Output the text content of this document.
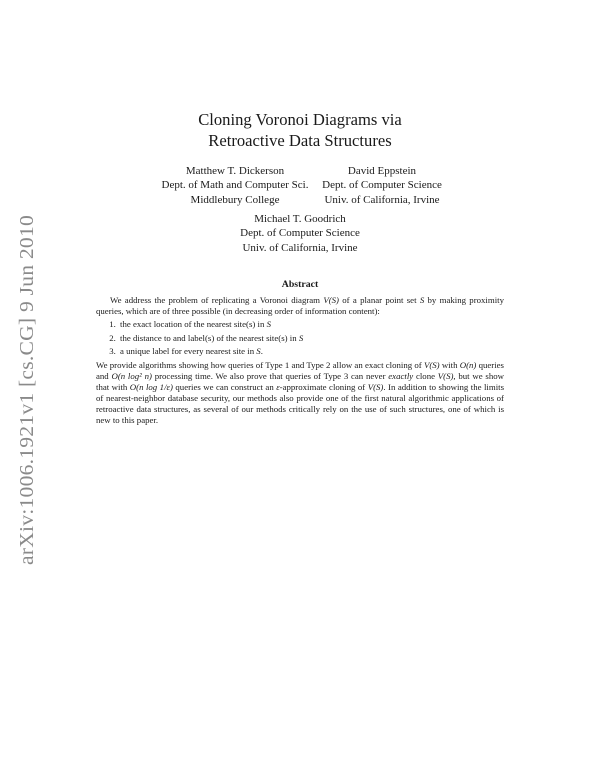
arXiv:1006.1921v1 [cs.CG] 9 Jun 2010
Cloning Voronoi Diagrams via
Retroactive Data Structures
Matthew T. Dickerson
Dept. of Math and Computer Sci.
Middlebury College
David Eppstein
Dept. of Computer Science
Univ. of California, Irvine
Michael T. Goodrich
Dept. of Computer Science
Univ. of California, Irvine
Abstract

We address the problem of replicating a Voronoi diagram V(S) of a planar point set S by making proximity queries, which are of three possible (in decreasing order of information content):

1. the exact location of the nearest site(s) in S
2. the distance to and label(s) of the nearest site(s) in S
3. a unique label for every nearest site in S.

We provide algorithms showing how queries of Type 1 and Type 2 allow an exact cloning of V(S) with O(n) queries and O(n log² n) processing time. We also prove that queries of Type 3 can never exactly clone V(S), but we show that with O(n log 1/ε) queries we can construct an ε-approximate cloning of V(S). In addition to showing the limits of nearest-neighbor database security, our methods also provide one of the first natural algorithmic applications of retroactive data structures, as several of our methods critically rely on the use of such structures, one of which is new to this paper.
